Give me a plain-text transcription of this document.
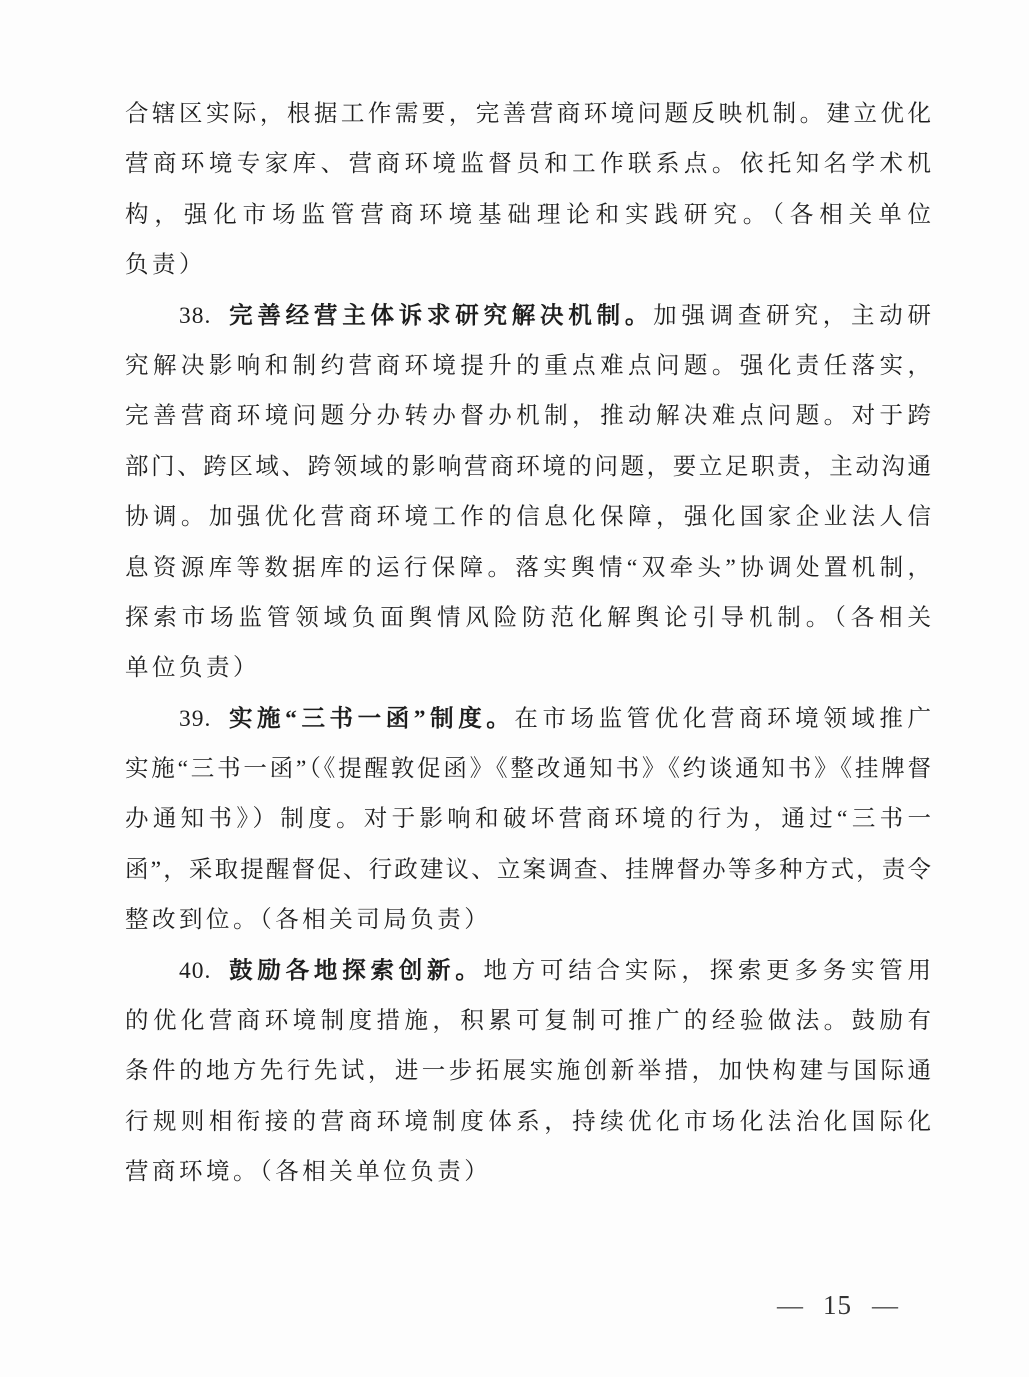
合辖区实际，根据工作需要，完善营商环境问题反映机制。建立优化
营商环境专家库、营商环境监督员和工作联系点。依托知名学术机
构，强化市场监管营商环境基础理论和实践研究。（各相关单位
负责）
38. 完善经营主体诉求研究解决机制。加强调查研究，主动研
究解决影响和制约营商环境提升的重点难点问题。强化责任落实，
完善营商环境问题分办转办督办机制，推动解决难点问题。对于跨
部门、跨区域、跨领域的影响营商环境的问题，要立足职责，主动沟通
协调。加强优化营商环境工作的信息化保障，强化国家企业法人信
息资源库等数据库的运行保障。落实舆情“双牵头”协调处置机制，
探索市场监管领域负面舆情风险防范化解舆论引导机制。（各相关
单位负责）
39. 实施“三书一函”制度。在市场监管优化营商环境领域推广
实施“三书一函”（《提醒敦促函》《整改通知书》《约谈通知书》《挂牌督
办通知书》）制度。对于影响和破坏营商环境的行为，通过“三书一
函”，采取提醒督促、行政建议、立案调查、挂牌督办等多种方式，责令
整改到位。（各相关司局负责）
40. 鼓励各地探索创新。地方可结合实际，探索更多务实管用
的优化营商环境制度措施，积累可复制可推广的经验做法。鼓励有
条件的地方先行先试，进一步拓展实施创新举措，加快构建与国际通
行规则相衔接的营商环境制度体系，持续优化市场化法治化国际化
营商环境。（各相关单位负责）
— 15 —
